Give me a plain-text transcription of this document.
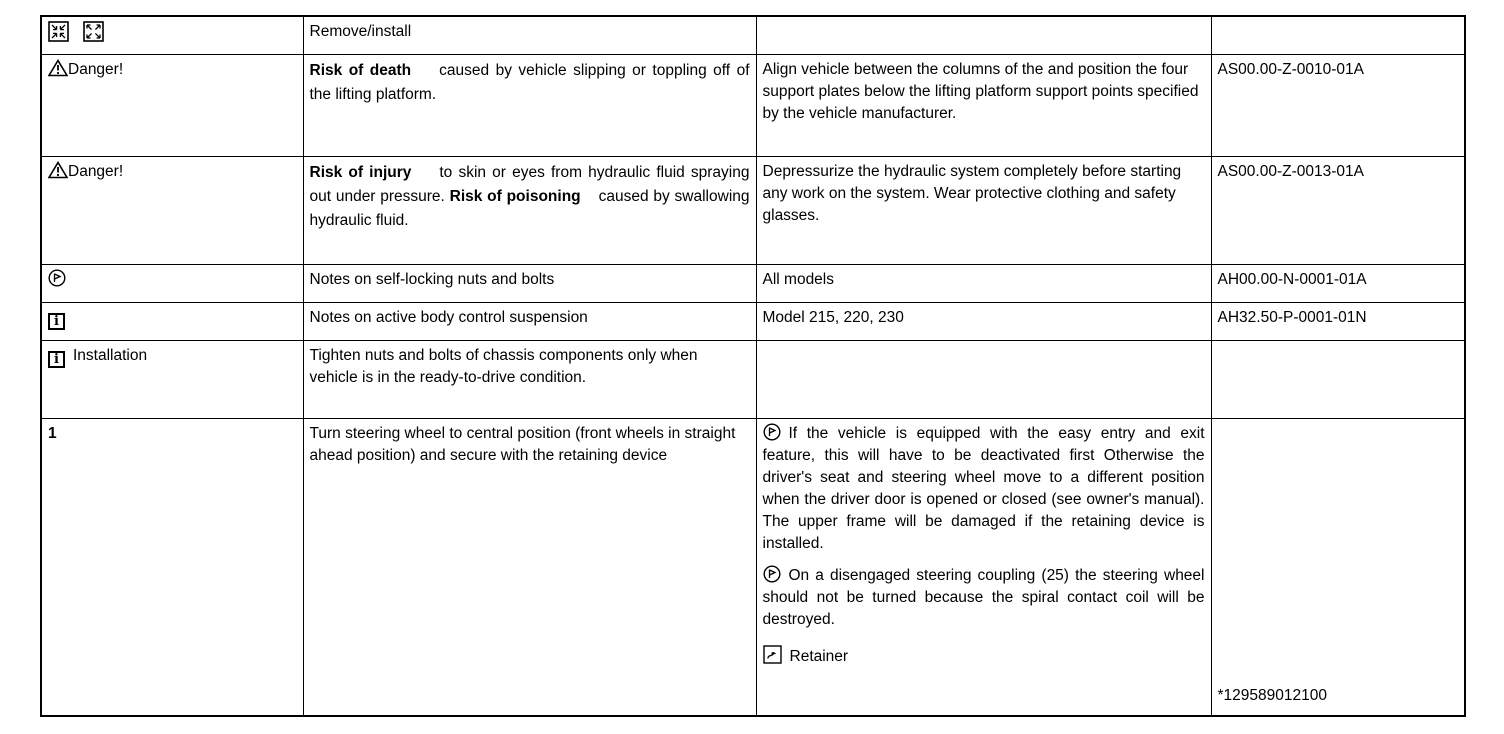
	Remove/install		

Danger!	Risk of death caused by vehicle slipping or toppling off of the lifting platform.	Align vehicle between the columns of the and position the four support plates below the lifting platform support points specified by the vehicle manufacturer.	AS00.00-Z-0010-01A

Danger!	Risk of injury to skin or eyes from hydraulic fluid spraying out under pressure. Risk of poisoning caused by swallowing hydraulic fluid.	Depressurize the hydraulic system completely before starting any work on the system. Wear protective clothing and safety glasses.	AS00.00-Z-0013-01A

	Notes on self-locking nuts and bolts	All models	AH00.00-N-0001-01A
i	Notes on active body control suspension	Model 215, 220, 230	AH32.50-P-0001-01N
i Installation	Tighten nuts and bolts of chassis components only when vehicle is in the ready-to-drive condition.		
1	Turn steering wheel to central position (front wheels in straight ahead position) and secure with the retaining device	If the vehicle is equipped with the easy entry and exit feature, this will have to be deactivated first Otherwise the driver's seat and steering wheel move to a different position when the driver door is opened or closed (see owner's manual). The upper frame will be damaged if the retaining device is installed.

On a disengaged steering coupling (25) the steering wheel should not be turned because the spiral contact coil will be destroyed.

Retainer	*129589012100
